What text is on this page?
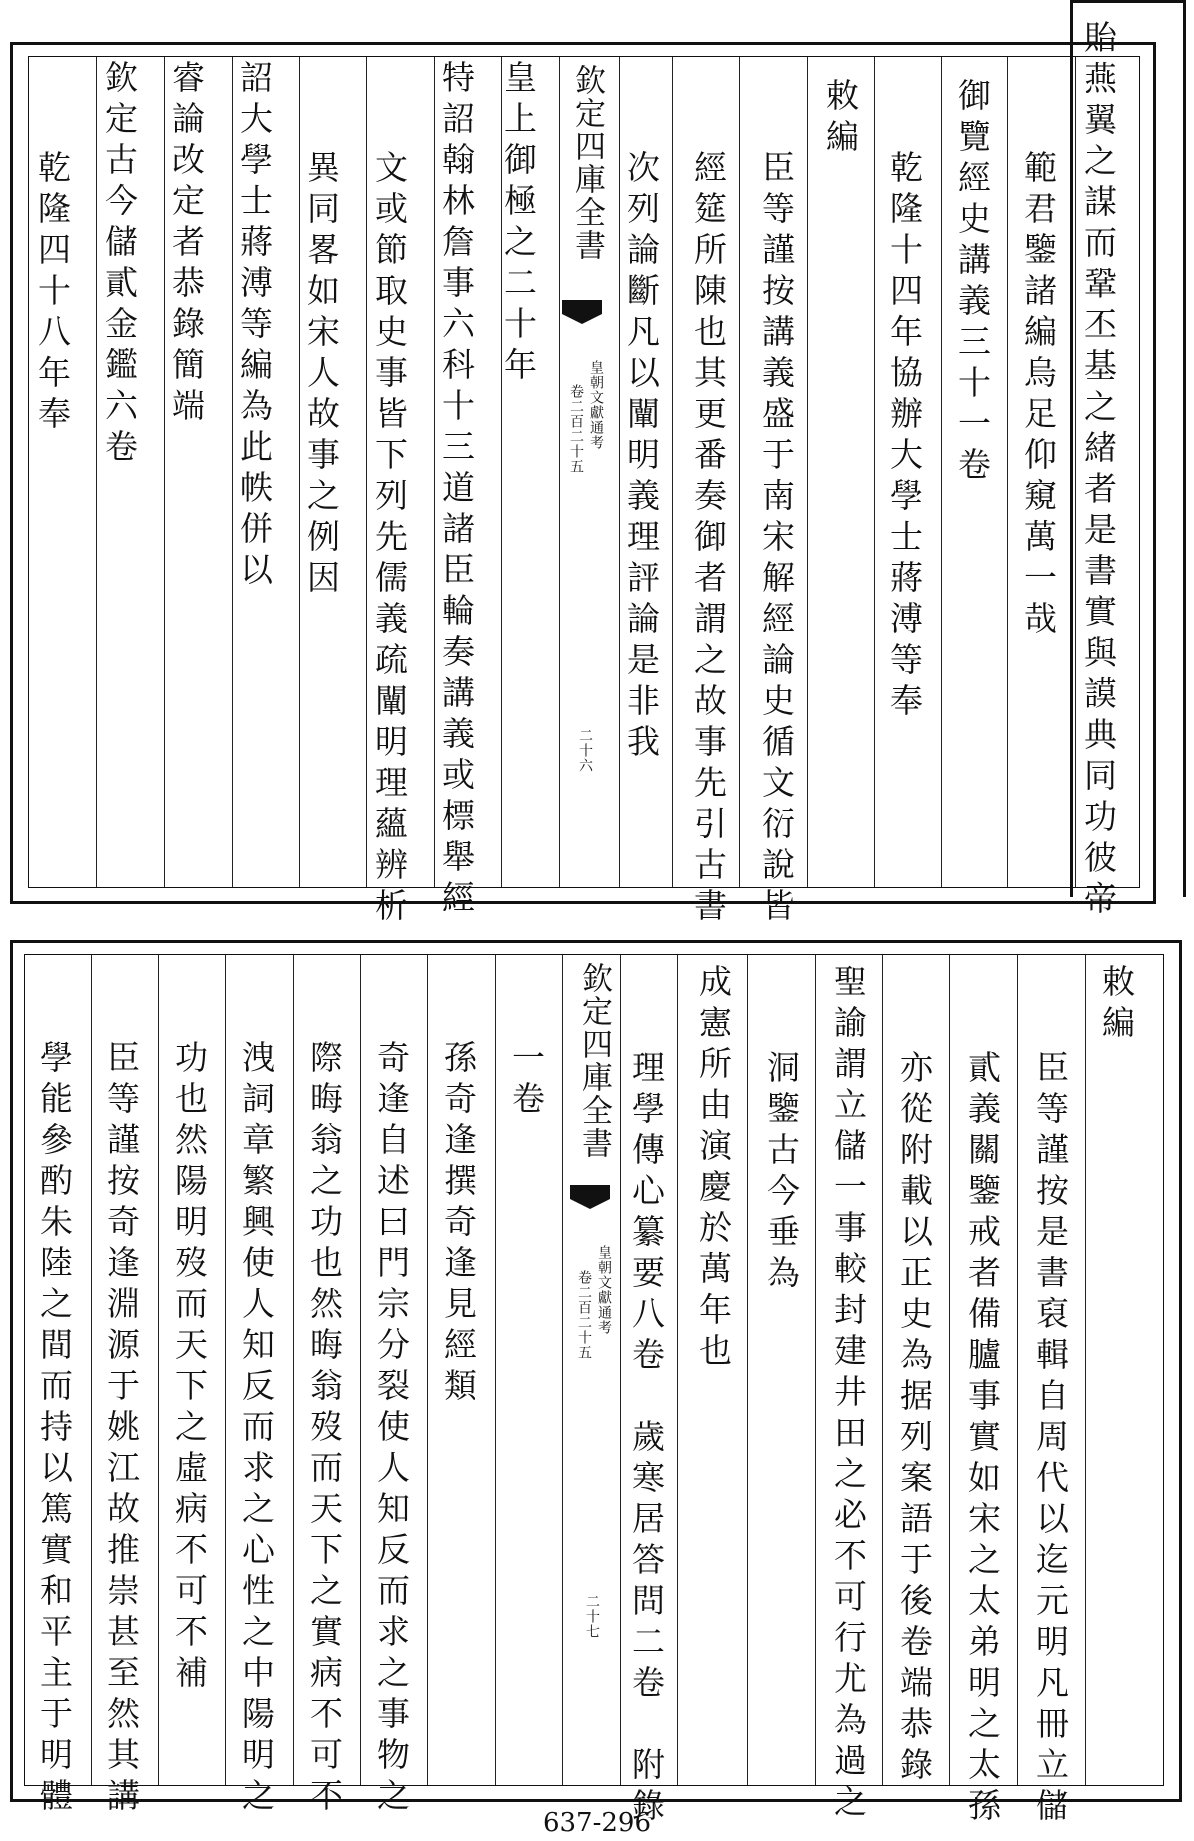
貽燕翼之謀而鞏丕基之緒者是書實與謨典同功彼帝
範君鑒諸編烏足仰窺萬一哉
御覽經史講義三十一卷
乾隆十四年協辦大學士蔣溥等奉
敕編
臣等謹按講義盛于南宋解經論史循文衍說皆
經筵所陳也其更番奏御者謂之故事先引古書
次列論斷凡以闡明義理評論是非我
欽定四庫全書
皇朝文獻通考
卷二百二十五
二十六
皇上御極之二十年
特詔翰林詹事六科十三道諸臣輪奏講義或標舉經
文或節取史事皆下列先儒義疏闡明理蘊辨析
異同畧如宋人故事之例因
詔大學士蔣溥等編為此帙併以
睿論改定者恭錄簡端
欽定古今儲貳金鑑六卷
乾隆四十八年奉
敕編
臣等謹按是書裒輯自周代以迄元明凡冊立儲
貳義關鑒戒者備臚事實如宋之太弟明之太孫
亦從附載以正史為据列案語于後卷端恭錄
聖諭謂立儲一事較封建井田之必不可行尤為過之
洞鑒古今垂為
成憲所由演慶於萬年也
理學傳心纂要八卷　歲寒居答問二卷　附錄
欽定四庫全書
皇朝文獻通考
卷二百二十五
二十七
一卷
孫奇逢撰奇逢見經類
奇逢自述曰門宗分裂使人知反而求之事物之
際晦翁之功也然晦翁歿而天下之實病不可不
洩詞章繁興使人知反而求之心性之中陽明之
功也然陽明歿而天下之虛病不可不補
臣等謹按奇逢淵源于姚江故推崇甚至然其講
學能參酌朱陸之間而持以篤實和平主于明體
637-296
